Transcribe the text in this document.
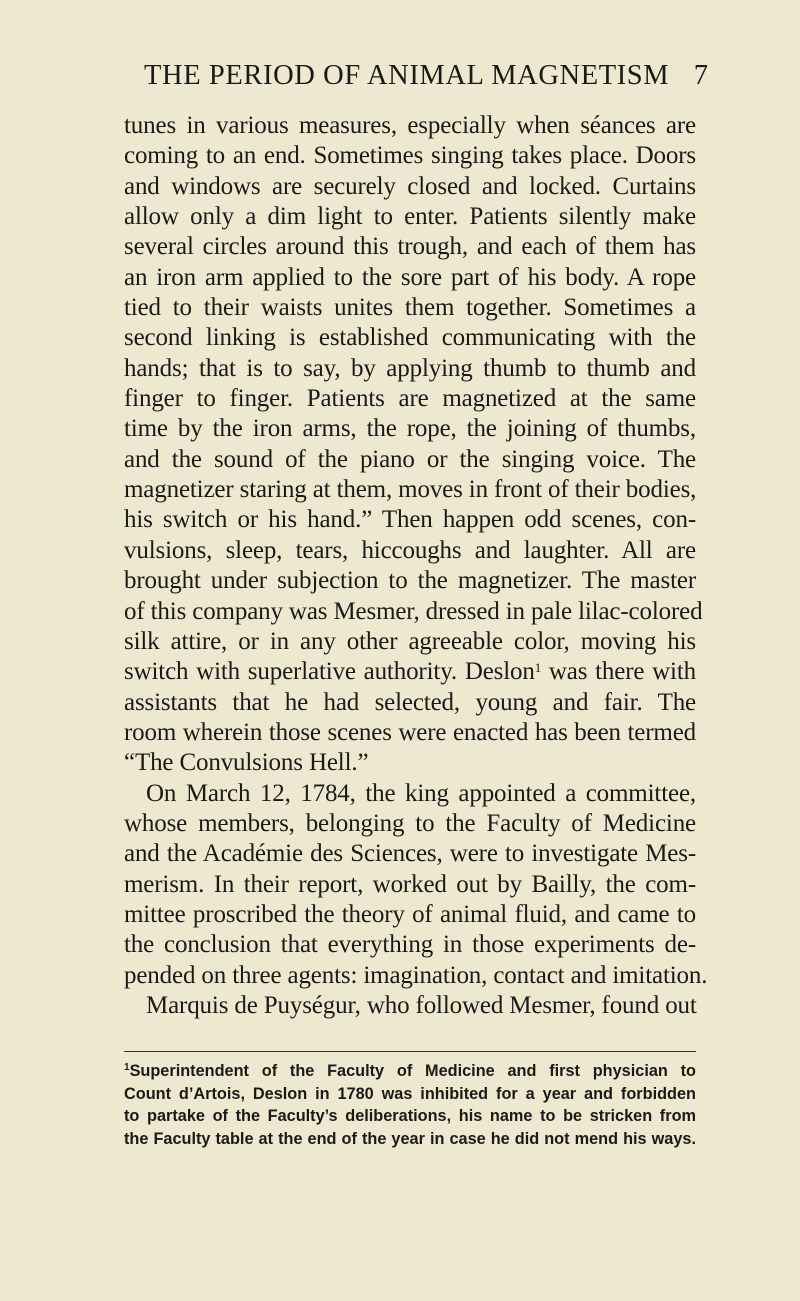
THE PERIOD OF ANIMAL MAGNETISM 7
tunes in various measures, especially when séances are
coming to an end. Sometimes singing takes place. Doors
and windows are securely closed and locked. Curtains
allow only a dim light to enter. Patients silently make
several circles around this trough, and each of them has
an iron arm applied to the sore part of his body. A rope
tied to their waists unites them together. Sometimes a
second linking is established communicating with the
hands; that is to say, by applying thumb to thumb and
finger to finger. Patients are magnetized at the same
time by the iron arms, the rope, the joining of thumbs,
and the sound of the piano or the singing voice. The
magnetizer staring at them, moves in front of their bodies,
his switch or his hand.” Then happen odd scenes, con-
vulsions, sleep, tears, hiccoughs and laughter. All are
brought under subjection to the magnetizer. The master
of this company was Mesmer, dressed in pale lilac-colored
silk attire, or in any other agreeable color, moving his
switch with superlative authority. Deslon$^1$ was there with
assistants that he had selected, young and fair. The
room wherein those scenes were enacted has been termed
“The Convulsions Hell.”
On March 12, 1784, the king appointed a committee,
whose members, belonging to the Faculty of Medicine
and the Académie des Sciences, were to investigate Mes-
merism. In their report, worked out by Bailly, the com-
mittee proscribed the theory of animal fluid, and came to
the conclusion that everything in those experiments de-
pended on three agents: imagination, contact and imitation.
Marquis de Puységur, who followed Mesmer, found out
$^1$Superintendent of the Faculty of Medicine and first physician to
Count d’Artois, Deslon in 1780 was inhibited for a year and forbidden
to partake of the Faculty’s deliberations, his name to be stricken from
the Faculty table at the end of the year in case he did not mend his ways.
